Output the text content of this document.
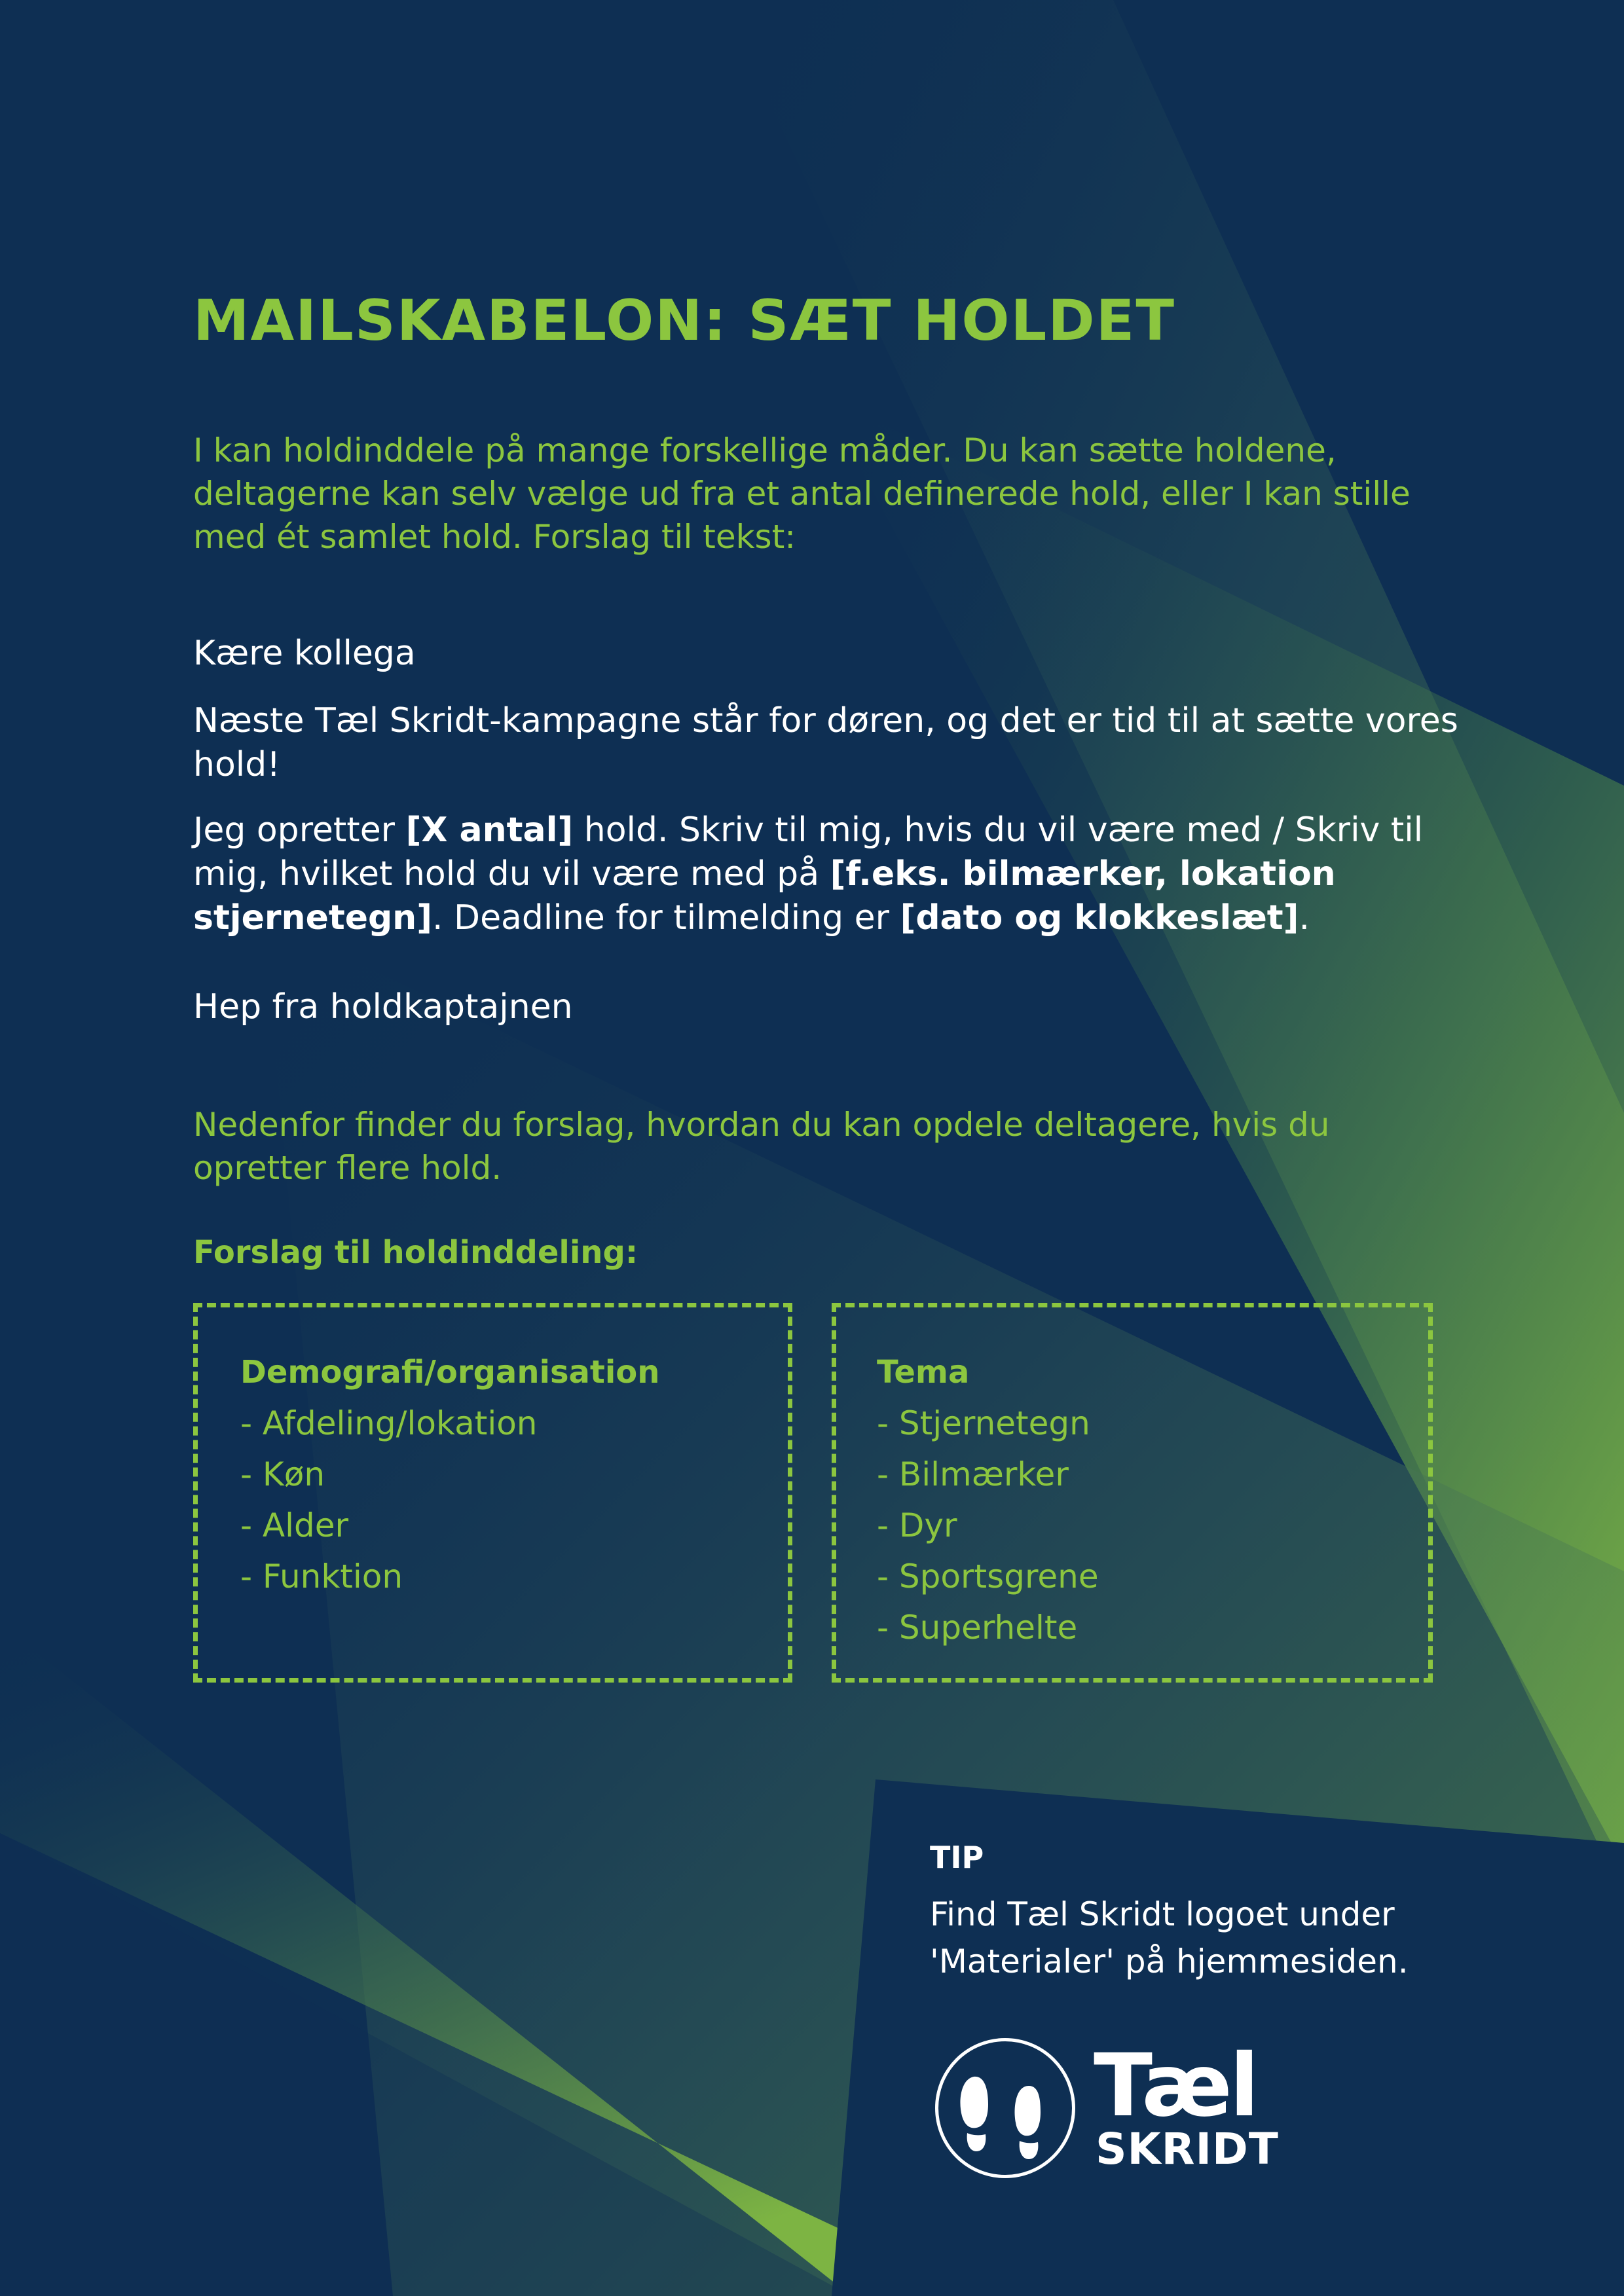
MAILSKABELON: SÆT HOLDET
I kan holdinddele på mange forskellige måder. Du kan sætte holdene, deltagerne kan selv vælge ud fra et antal definerede hold, eller I kan stille med ét samlet hold. Forslag til tekst:

Kære kollega

Næste Tæl Skridt-kampagne står for døren, og det er tid til at sætte vores hold!

Jeg opretter [X antal] hold. Skriv til mig, hvis du vil være med / Skriv til mig, hvilket hold du vil være med på [f.eks. bilmærker, lokation stjernetegn]. Deadline for tilmelding er [dato og klokkeslæt].

Hep fra holdkaptajnen

Nedenfor finder du forslag, hvordan du kan opdele deltagere, hvis du opretter flere hold.
Forslag til holdinddeling:
Demografi/organisation
- Afdeling/lokation
- Køn
- Alder
- Funktion
Tema
- Stjernetegn
- Bilmærker
- Dyr
- Sportsgrene
- Superhelte
TIP
Find Tæl Skridt logoet under 'Materialer' på hjemmesiden.
Tæl
SKRIDT
